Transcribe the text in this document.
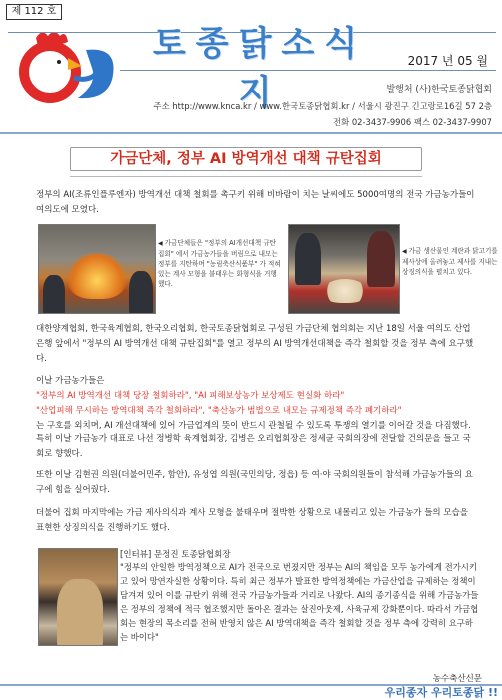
제 112 호
토종닭소식지
2017 년 05 월
발행처 (사)한국토종닭협회
주소 http://www.knca.kr / www.한국토종닭협회.kr / 서울시 광진구 긴고랑로16길 57 2층
전화 02-3437-9906 팩스 02-3437-9907
가금단체, 정부 AI 방역개선 대책 규탄집회
정부의 AI(조류인플루엔자) 방역개선 대책 철회를 촉구키 위해 비바람이 치는 날씨에도 5000여명의 전국 가금농가들이 여의도에 모였다.
◀ 가금단체들은 "정부의 AI개선대책 규탄집회" 에서 가금농가들을 버림으로 내모는 정부를 지탄하며 "농림축산식품부" 가 적혀있는 계사 모형을 불태우는 화형식을 거행했다.
◀ 가금 생산물인 계란과 닭고기를 제사상에 올려놓고 제사를 지내는 상징의식을 펼치고 있다.
대한양계협회, 한국육계협회, 한국오리협회, 한국토종닭협회로 구성된 가금단체 협의회는 지난 18일 서울 여의도 산업은행 앞에서 "정부의 AI 방역개선 대책 규탄집회"를 열고 정부의 AI 방역개선대책을 즉각 철회할 것을 정부 측에 요구했다.
이날 가금농가들은
"정부의 AI 방역개선 대책 당장 철회하라", "AI 피해보상농가 보상제도 현실화 하라"
"산업피해 무시하는 방역대책 즉각 철회하라", "축산농가 범법으로 내모는 규제정책 즉각 폐기하라"
는 구호를 외치며, AI 개선대책에 있어 가금업계의 뜻이 반드시 관철될 수 있도록 투쟁의 열기를 이어갈 것을 다짐했다.
특히 이날 가금농가 대표로 나선 정병학 육계협회장, 김병은 오리협회장은 정세균 국회의장에 전달할 건의문을 들고 국회로 향했다.
또한 이날 김현권 의원(더불어민주, 함안), 유성엽 의원(국민의당, 정읍) 등 여·야 국회의원들이 참석해 가금농가들의 요구에 힘을 실어줬다.
더불어 집회 마지막에는 가금 제사의식과 계사 모형을 불태우며 절박한 상황으로 내몰리고 있는 가금농가 들의 모습을 표현한 상징의식을 진행하기도 했다.
[인터뷰] 문정진 토종닭협회장
"정부의 안일한 방역정책으로 AI가 전국으로 번졌지만 정부는 AI의 책임을 모두 농가에게 전가시키고 있어 망연자실한 상황이다. 특히 최근 정부가 발표한 방역정책에는 가금산업을 규제하는 정책이 담겨져 있어 이를 규탄키 위해 전국 가금농가들과 거리로 나왔다. AI의 종기종식을 위해 가금농가들은 정부의 정책에 적극 협조했지만 돌아온 결과는 살진아웃제, 사육규제 강화뿐이다. 따라서 가금협회는 현장의 목소리를 전혀 반영치 않은 AI 방역대책을 즉각 철회할 것을 정부 측에 강력히 요구하는 바이다"
농수축산신문
우리종자 우리토종닭 !!
